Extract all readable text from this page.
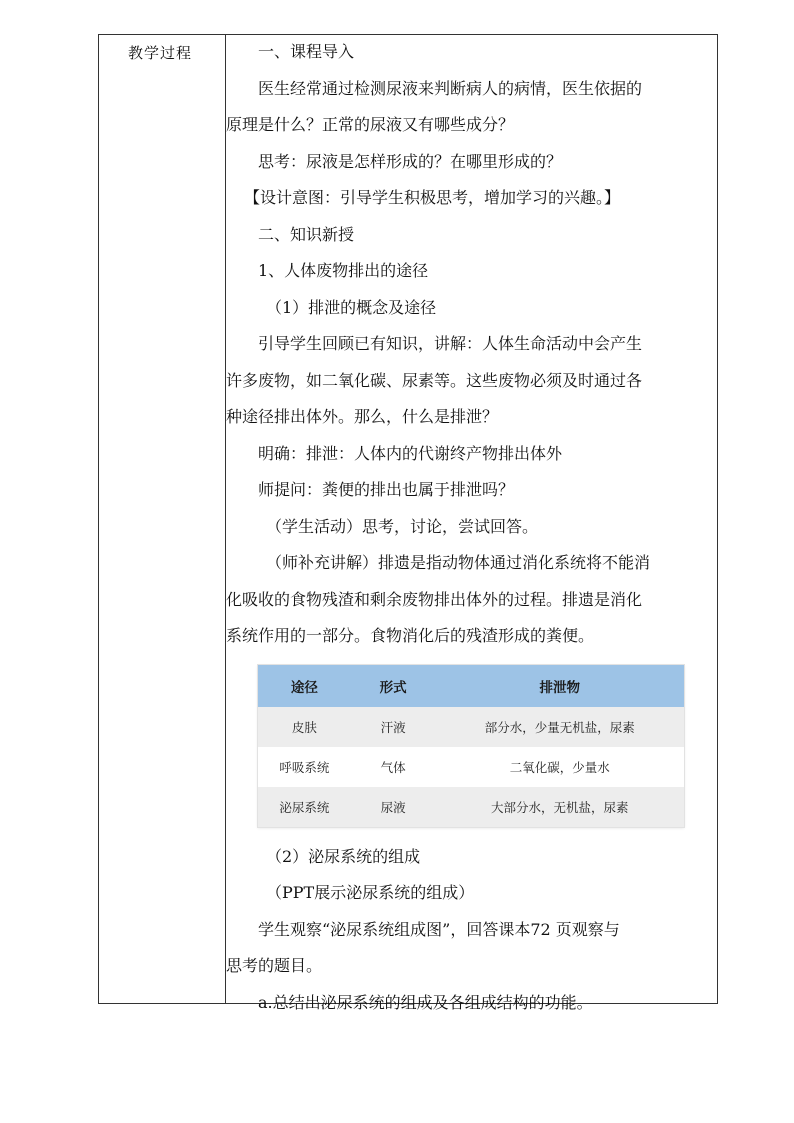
教学过程	一、课程导入

医生经常通过检测尿液来判断病人的病情，医生依据的

原理是什么？正常的尿液又有哪些成分？

思考：尿液是怎样形成的？在哪里形成的？

【设计意图：引导学生积极思考，增加学习的兴趣。】

二、知识新授

1、人体废物排出的途径

（1）排泄的概念及途径

引导学生回顾已有知识，讲解：人体生命活动中会产生

许多废物，如二氧化碳、尿素等。这些废物必须及时通过各

种途径排出体外。那么，什么是排泄？

明确：排泄：人体内的代谢终产物排出体外

师提问：粪便的排出也属于排泄吗？

（学生活动）思考，讨论，尝试回答。

（师补充讲解）排遗是指动物体通过消化系统将不能消

化吸收的食物残渣和剩余废物排出体外的过程。排遗是消化

系统作用的一部分。食物消化后的残渣形成的粪便。

途径	形式	排泄物
皮肤	汗液	部分水，少量无机盐，尿素
呼吸系统	气体	二氧化碳，少量水
泌尿系统	尿液	大部分水，无机盐，尿素

（2）泌尿系统的组成

（PPT展示泌尿系统的组成）

学生观察“泌尿系统组成图”，回答课本72 页观察与

思考的题目。

a.总结出泌尿系统的组成及各组成结构的功能。
